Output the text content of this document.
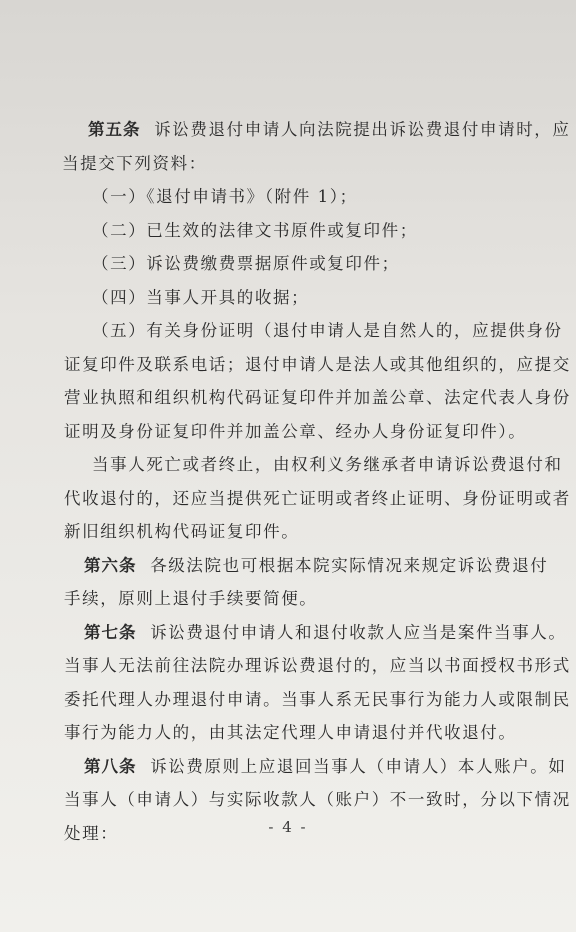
第五条 诉讼费退付申请人向法院提出诉讼费退付申请时，应
当提交下列资料：

（一）《退付申请书》（附件 1）；

（二）已生效的法律文书原件或复印件；

（三）诉讼费缴费票据原件或复印件；

（四）当事人开具的收据；

（五）有关身份证明（退付申请人是自然人的，应提供身份
证复印件及联系电话；退付申请人是法人或其他组织的，应提交
营业执照和组织机构代码证复印件并加盖公章、法定代表人身份
证明及身份证复印件并加盖公章、经办人身份证复印件）。

当事人死亡或者终止，由权利义务继承者申请诉讼费退付和
代收退付的，还应当提供死亡证明或者终止证明、身份证明或者
新旧组织机构代码证复印件。

第六条 各级法院也可根据本院实际情况来规定诉讼费退付
手续，原则上退付手续要简便。

第七条 诉讼费退付申请人和退付收款人应当是案件当事人。
当事人无法前往法院办理诉讼费退付的，应当以书面授权书形式
委托代理人办理退付申请。当事人系无民事行为能力人或限制民
事行为能力人的，由其法定代理人申请退付并代收退付。

第八条 诉讼费原则上应退回当事人（申请人）本人账户。如
当事人（申请人）与实际收款人（账户）不一致时，分以下情况
处理：	- 4 -
